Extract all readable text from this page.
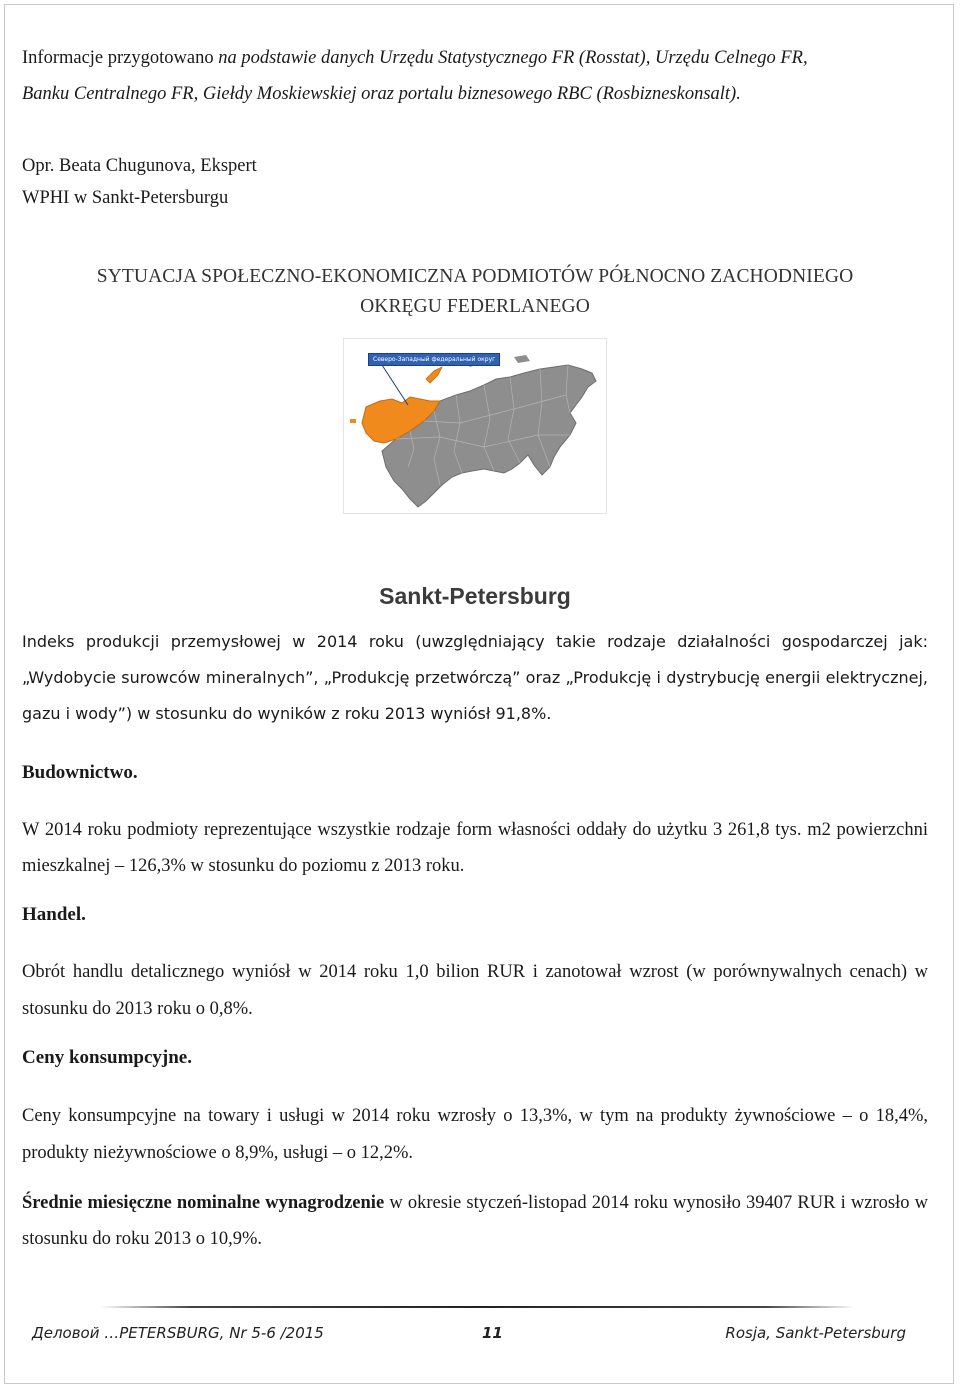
Informacje przygotowano na podstawie danych Urzędu Statystycznego FR (Rosstat), Urzędu Celnego FR,
Banku Centralnego FR, Giełdy Moskiewskiej oraz portalu biznesowego RBC (Rosbizneskonsalt).
Opr. Beata Chugunova, Ekspert
WPHI w Sankt-Petersburgu
SYTUACJA SPOŁECZNO-EKONOMICZNA PODMIOTÓW PÓŁNOCNO ZACHODNIEGO
OKRĘGU FEDERLANEGO
Северо-Западный федеральный округ
Sankt-Petersburg

Indeks produkcji przemysłowej w 2014 roku (uwzględniający takie rodzaje działalności gospodarczej jak: „Wydobycie surowców mineralnych”, „Produkcję przetwórczą” oraz „Produkcję i dystrybucję energii elektrycznej, gazu i wody”) w stosunku do wyników z roku 2013 wyniósł 91,8%.

Budownictwo.

W 2014 roku podmioty reprezentujące wszystkie rodzaje form własności oddały do użytku 3 261,8 tys. m2 powierzchni mieszkalnej – 126,3% w stosunku do poziomu z 2013 roku.

Handel.

Obrót handlu detalicznego wyniósł w 2014 roku 1,0 bilion RUR i zanotował wzrost (w porównywalnych cenach) w stosunku do 2013 roku o 0,8%.

Ceny konsumpcyjne.

Ceny konsumpcyjne na towary i usługi w 2014 roku wzrosły o 13,3%, w tym na produkty żywnościowe – o 18,4%, produkty nieżywnościowe o 8,9%, usługi – o 12,2%.

Średnie miesięczne nominalne wynagrodzenie w okresie styczeń-listopad 2014 roku wynosiło 39407 RUR i wzrosło w stosunku do roku 2013 o 10,9%.

Деловой …PETERSBURG, Nr 5-6 /2015	11	Rosja, Sankt-Petersburg
